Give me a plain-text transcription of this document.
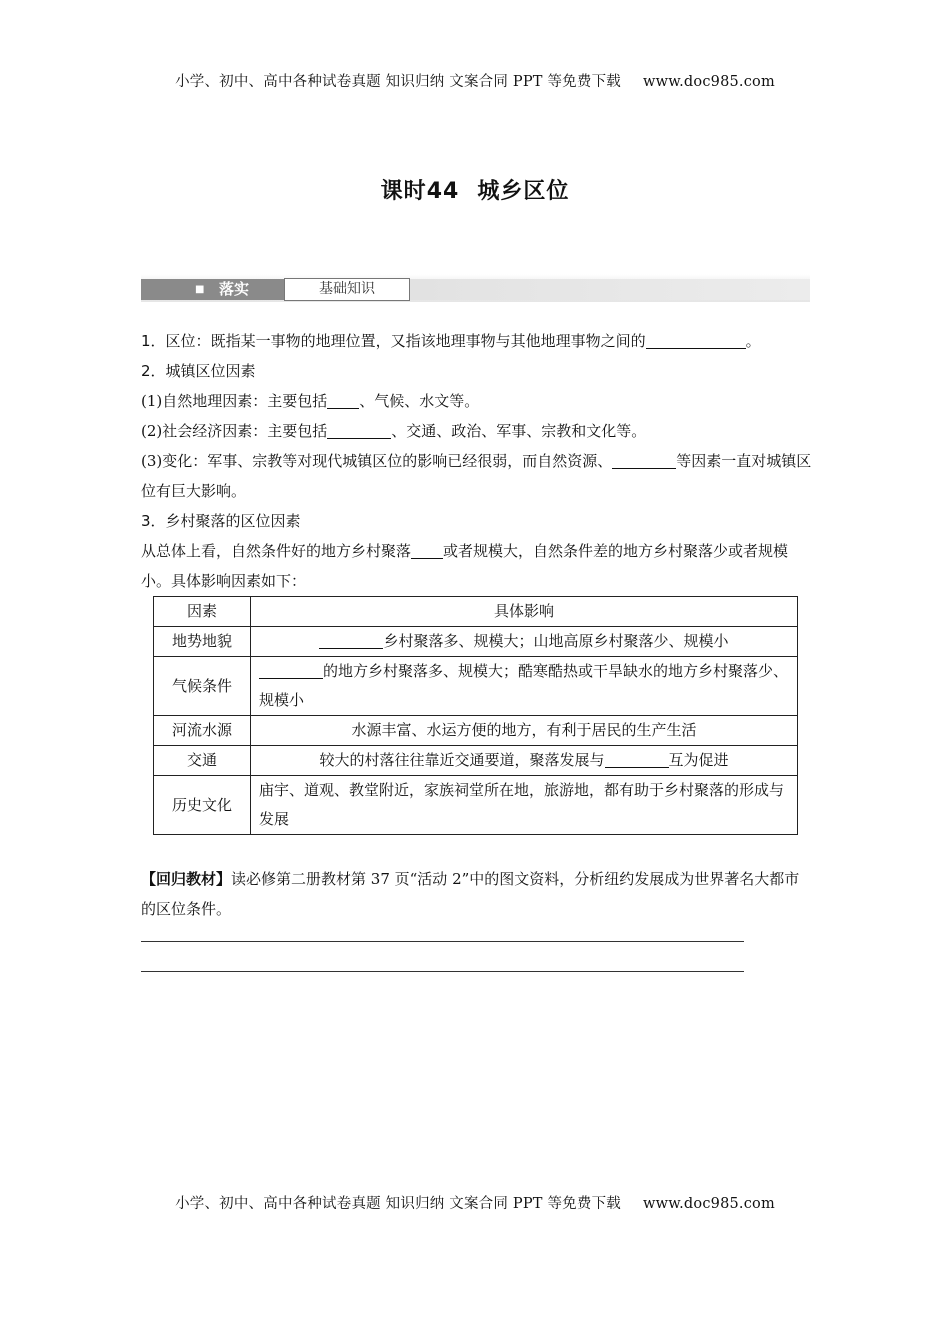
小学、初中、高中各种试卷真题 知识归纳 文案合同 PPT 等免费下载 www.doc985.com
课时44 城乡区位
■ 落实	基础知识

1．区位：既指某一事物的地理位置，又指该地理事物与其他地理事物之间的	。

2．城镇区位因素

(1)自然地理因素：主要包括 、气候、水文等。

(2)社会经济因素：主要包括	、交通、政治、军事、宗教和文化等。

(3)变化：军事、宗教等对现代城镇区位的影响已经很弱，而自然资源、	等因素一直对城镇区位有巨大影响。

3．乡村聚落的区位因素

从总体上看，自然条件好的地方乡村聚落 或者规模大，自然条件差的地方乡村聚落少或者规模小。具体影响因素如下：

因素	具体影响
地势地貌	乡村聚落多、规模大；山地高原乡村聚落少、规模小
气候条件	的地方乡村聚落多、规模大；酷寒酷热或干旱缺水的地方乡村聚落少、规模小
河流水源	水源丰富、水运方便的地方，有利于居民的生产生活
交通	较大的村落往往靠近交通要道，聚落发展与 互为促进
历史文化	庙宇、道观、教堂附近，家族祠堂所在地，旅游地，都有助于乡村聚落的形成与发展
【回归教材】读必修第二册教材第 37 页“活动 2”中的图文资料，分析纽约发展成为世界著名大都市的区位条件。
小学、初中、高中各种试卷真题 知识归纳 文案合同 PPT 等免费下载 www.doc985.com
